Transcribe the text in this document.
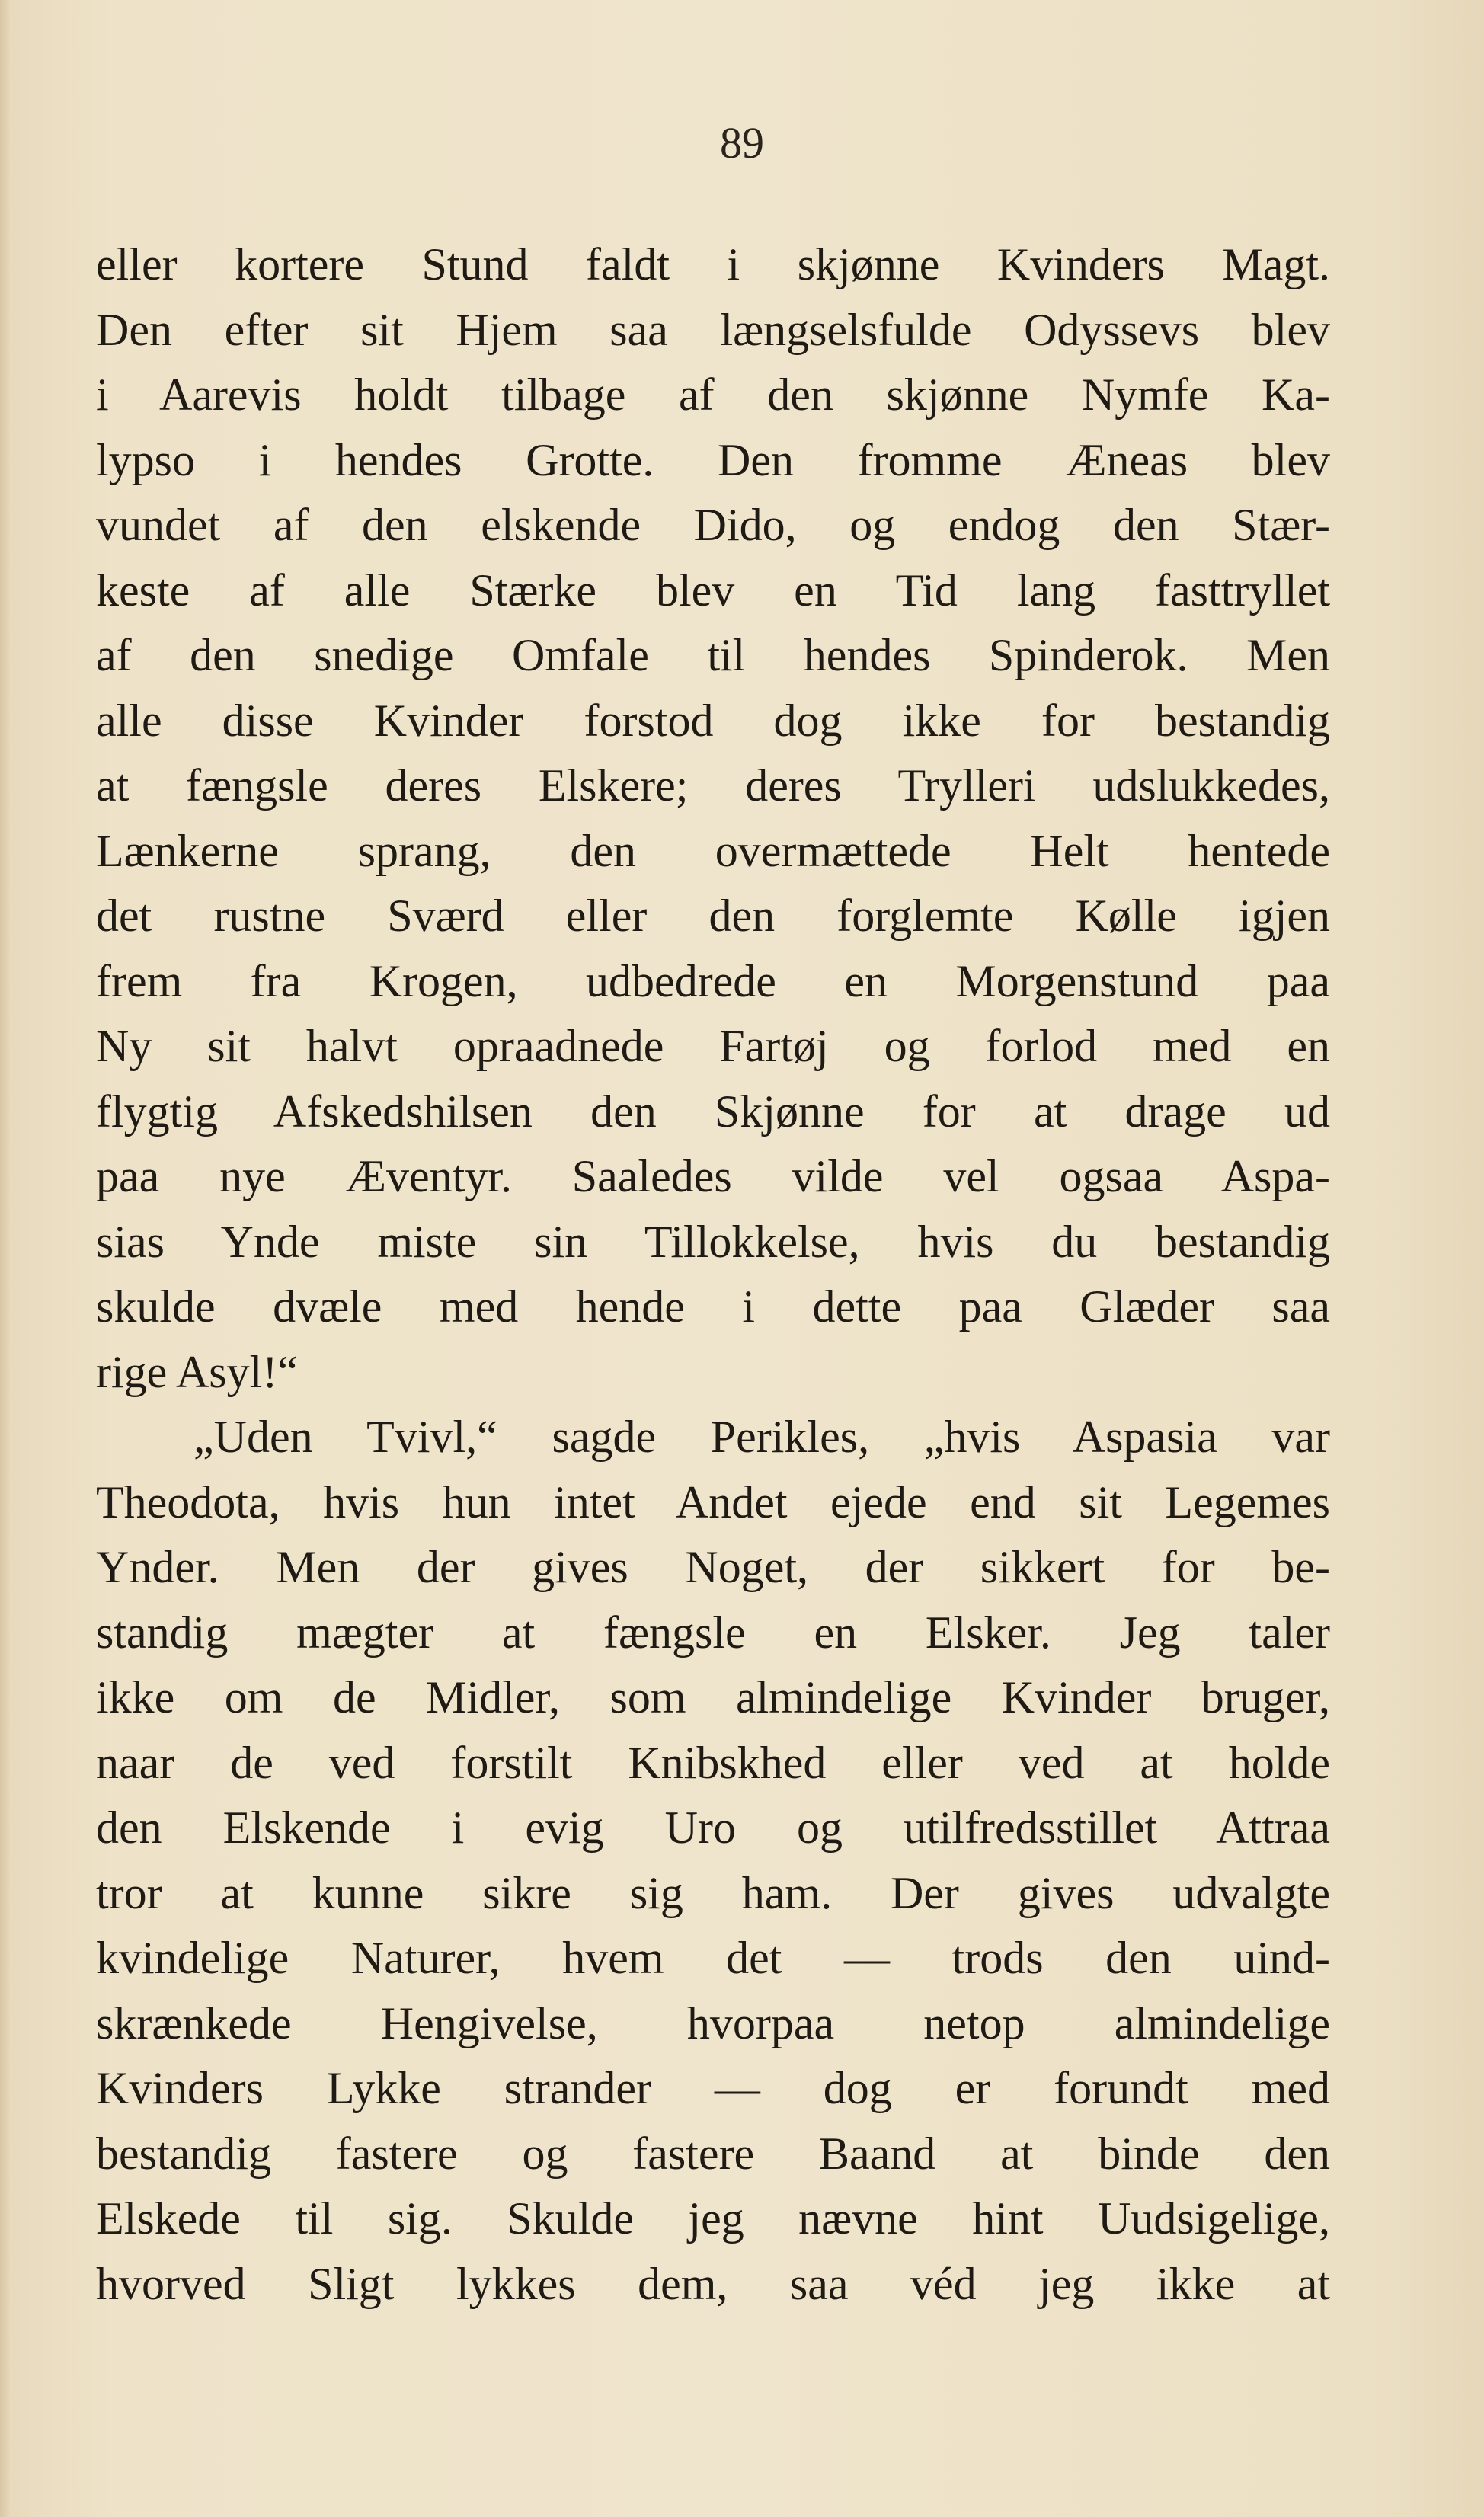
89
eller kortere Stund faldt i skjønne Kvinders Magt.
Den efter sit Hjem saa længselsfulde Odyssevs blev
i Aarevis holdt tilbage af den skjønne Nymfe Ka-
lypso i hendes Grotte. Den fromme Æneas blev
vundet af den elskende Dido, og endog den Stær-
keste af alle Stærke blev en Tid lang fasttryllet
af den snedige Omfale til hendes Spinderok. Men
alle disse Kvinder forstod dog ikke for bestandig
at fængsle deres Elskere; deres Trylleri udslukkedes,
Lænkerne sprang, den overmættede Helt hentede
det rustne Sværd eller den forglemte Kølle igjen
frem fra Krogen, udbedrede en Morgenstund paa
Ny sit halvt opraadnede Fartøj og forlod med en
flygtig Afskedshilsen den Skjønne for at drage ud
paa nye Æventyr. Saaledes vilde vel ogsaa Aspa-
sias Ynde miste sin Tillokkelse, hvis du bestandig
skulde dvæle med hende i dette paa Glæder saa
rige Asyl!“
„Uden Tvivl,“ sagde Perikles, „hvis Aspasia var
Theodota, hvis hun intet Andet ejede end sit Legemes
Ynder. Men der gives Noget, der sikkert for be-
standig mægter at fængsle en Elsker. Jeg taler
ikke om de Midler, som almindelige Kvinder bruger,
naar de ved forstilt Knibskhed eller ved at holde
den Elskende i evig Uro og utilfredsstillet Attraa
tror at kunne sikre sig ham. Der gives udvalgte
kvindelige Naturer, hvem det — trods den uind-
skrænkede Hengivelse, hvorpaa netop almindelige
Kvinders Lykke strander — dog er forundt med
bestandig fastere og fastere Baand at binde den
Elskede til sig. Skulde jeg nævne hint Uudsigelige,
hvorved Sligt lykkes dem, saa véd jeg ikke at
